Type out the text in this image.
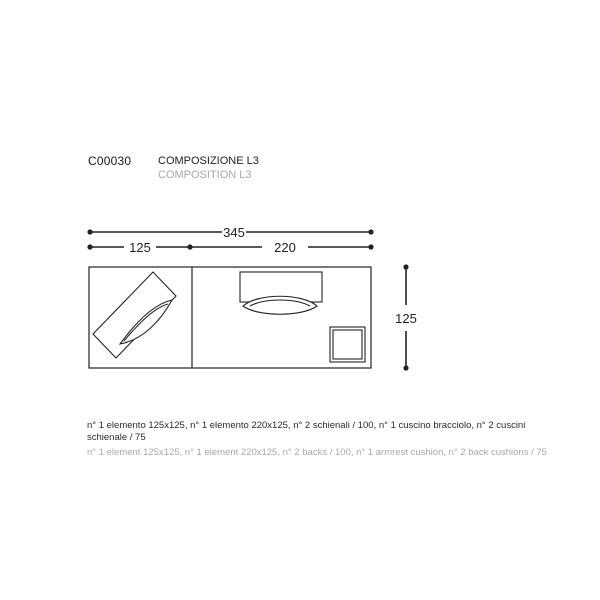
C00030 COMPOSIZIONE L3
COMPOSITION L3
345
125	220
125
n° 1 elemento 125x125, n° 1 elemento 220x125, n° 2 schienali / 100, n° 1 cuscino bracciolo, n° 2 cuscini schienale / 75
n° 1 element 125x125, n° 1 element 220x125, n° 2 backs / 100, n° 1 armrest cushion, n° 2 back cushions / 75
